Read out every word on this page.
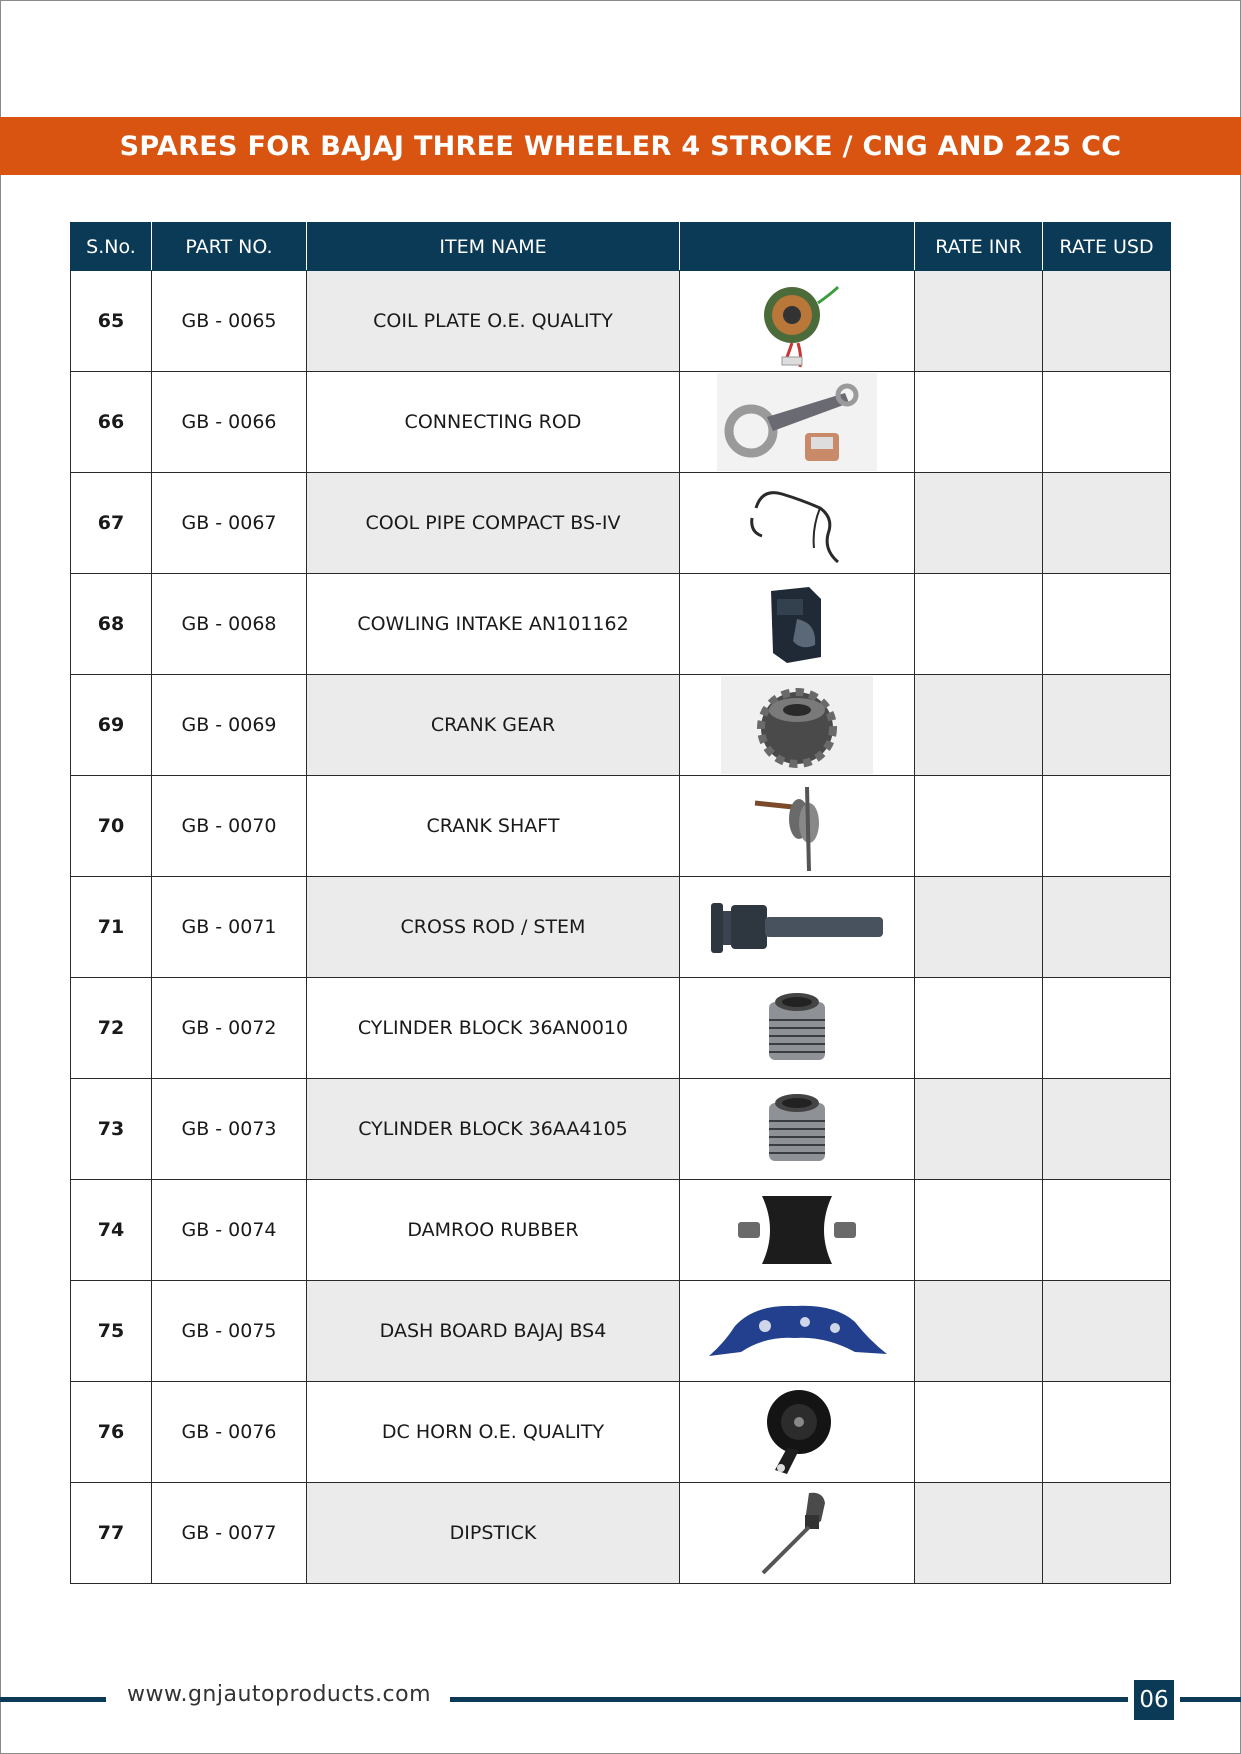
SPARES FOR BAJAJ THREE WHEELER 4 STROKE / CNG AND 225 CC
S.No.	PART NO.	ITEM NAME		RATE INR	RATE USD
65	GB - 0065	COIL PLATE O.E. QUALITY	

66	GB - 0066	CONNECTING ROD	

67	GB - 0067	COOL PIPE COMPACT BS-IV	

68	GB - 0068	COWLING INTAKE AN101162	

69	GB - 0069	CRANK GEAR	

70	GB - 0070	CRANK SHAFT	

71	GB - 0071	CROSS ROD / STEM	

72	GB - 0072	CYLINDER BLOCK 36AN0010	

73	GB - 0073	CYLINDER BLOCK 36AA4105	

74	GB - 0074	DAMROO RUBBER	

75	GB - 0075	DASH BOARD BAJAJ BS4	

76	GB - 0076	DC HORN O.E. QUALITY	

77	GB - 0077	DIPSTICK	

www.gnjautoproducts.com	06
